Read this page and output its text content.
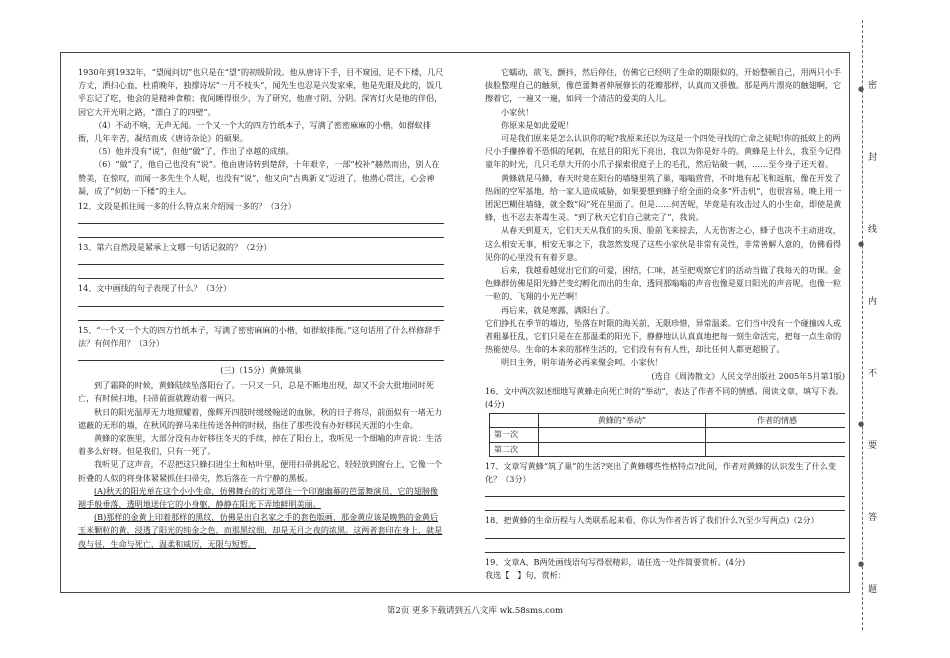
1930年到1932年，“望闻问切”也只是在“望”的初级阶段。他从唐诗下手，目不窥园，足不下楼，几尺方丈，洒扫心血，杜甫晚年，独撑诗坛“一月不枝头”，闻先生也忍是兴发家乘，他是先眼及此的，饭几乎忘记了吃，他会的是精神食粮；夜间睡得很少，为了研究，他唐寸阴、分阴。深宵灯火是他的伴侣，因它大开光明之路，“漂白了的四壁”。

（4）不动不响，无声无闻。一个又一个大的四方竹纸本子，写满了密密麻麻的小楷，如群蚁排衙，几年辛苦，凝结而成《唐诗杂论》的硕果。

（5）他并没有“说”，但他“做”了，作出了卓越的成绩。

（6）“做”了，他自己也没有“说”。他由唐诗转到楚辞，十年艰辛，一部“校补”赫然而出，别人在赞美，在惊叹，而闻一多先生个人呢，也没有“说”，他又向“古典新义”迈进了，他潜心贯注，心会神凝，成了“何妨一下楼”的主人。

12、文段是抓住闻一多的什么特点来介绍闻一多的？（3分）

13、第六自然段是紧承上文哪一句话记叙的？（2分）

14、文中画线的句子表现了什么？（3分）

15、“一个又一个大的四方竹纸本子，写满了密密麻麻的小楷，如群蚁排衙。”这句话用了什么样修辞手法？有何作用？（3分）

(三)（15分）黄蜂筑巢

到了霜降的时候，黄蜂陆续坠落阳台了。一只又一只，总是不断地出现，却又不会大批地同时死亡，有时候扫地，扫帚前面就蹚动着一两只。

秋日的阳光温厚无力地照耀着，像辉开四肢时缓缓翰送的血脉，秋的日子将尽，前面似有一堵无力遮蔽的无形的墙，在秋风的弹马来往传送各种的时候，指住了那些没有办好移民天涯的小生命。

黄蜂的家族里，大部分没有办好移往冬天的手续，掉在了阳台上，我听见一个细喻的声音说：生活着多么好呀。但是我们，只有一死了。

我听见了这声音，不忍把这只蜂扫进尘土和枯叶里，便用扫帚挑起它，轻轻放到窗台上，它像一个折叠的人似的将身体紧紧抓住扫帚尖，然后落在一片宁静的黑板。

(A)秋天的阳光单在这个小小生命，仿佛舞台的灯光罩住一个印谢幽幕的芭蕾舞演员，它的翅膀像褪手般垂落，透明地送住它的小身躯，静静在阳光下弄地鲜明美丽。

(B)那样的金黄上印着那样的黑纹，仿佛是出自名家之手的套色版画，那金黄应该是晚熟的金黄后玉米颗粒的黄，浸透了阳光的纯金之色，而那黑纹细，却是无月之夜的浓黑。这两者套印在身上，就是夜与昼，生命与死亡，温柔和威厉，无限与短暂。

它蠕动，欲飞，颤抖，然后停住，仿佛它已经明了生命的期限似的，开始整顿自己，用两只小手拔脸整理自己的触须，像芭蕾舞者伸展修长的花瓣那样，认真而又骄傲。那是两片漂亮的触翅啊，它擦着它，一遍又一遍，如同一个清洁的爱美的人儿。

小家伙！

你原来是如此爱呢！

可是我们原来是怎么认识你的呢?我原来还以为这是一个四处寻找的亡命之徒呢!你的抵蚊上的两尺小手攥捧着不恐惧的尾刺，在炫目的阳光下亮出，我以为你是好斗的。黄蜂是上什么，我至今记得童年的时光，几只毛草大开的小爪子探索很庭子上的毛孔，然后钻破一刺，……至今身子还天着。

黄蜂就是马蜂，春天时竟在阳台的墙缝里筑了巢，嗡嗡营营，不时地有起飞和返航，像在开发了热闹的空军基地，给一家人造成威胁，如果要想到蜂子给全面的众多“歼击机”，也很容易，晚上用一团泥巴糊住墙缝，就全数“闷”死在里面了。但是……何苦呢，毕竟是有攻击过人的小生命，即使是黄蜂，也不忍去茶毒生灵。“到了秋天它们自己就完了”，我说。

从春天到夏天，它们天天从我们的头顶、脸前飞来掠去，人无伤害之心，蜂子也决不主动进攻，这么相安无事，相安无事之下，我忽然发现了这些小家伙是非常有灵性，非常善解人意的，仿佛看得见你的心里没有有着歹意。

后来，我越看越觉出它们的可爱，困结，仁味，甚至把观察它们的活动当做了我每天的功课。金色蜂群仿佛是阳光蜂芒变幻孵化而出的生命，透同那嗡嗡的声音也像是夏日阳光的声音呢，也像一粒一粒的、飞翔的小光芒啊！

再后来，就是寒露，满阳台了。

它们挣扎在季节的墙边，坠落在时限的海关前，无限珍惜，异常温柔。它们当中没有一个碰撞凶人或者粗暴狂乱，它们只是在在那温柔的阳光下，静静地认认真真地把每一刻生命活完，把每一点生命的热能使尽。生命的本来的那样生活的，它们没有有有人性，却比任何人都更超脱了。

明日主务，明年请务必再来聚会呵。小家伙！

(选自《周涛散文》人民文学出版社 2005年5月第1版)

16、文中两次叙述细地写黄蜂走向死亡时的“举动”，表达了作者不同的情感。阅读文章，填写下表。(4分)

	黄蜂的“举动”	作者的情感
第一次		
第二次		

17、文章写黄蜂“筑了巢”的生活?突出了黄蜂哪些性格特点?此间，作者对黄蜂的认识发生了什么变化？（3分）

18、把黄蜂的生命历程与人类联系起来看，你认为作者告诉了我们什么?(至少写两点)（2分）

19、文章A、B两处画线语句写得很精彩，请任选一处作简要赏析。(4分)

我选【　】句，赏析：

第2页 更多下载请到五八文库 wk.58sms.com
●
●
●
●
密
封
线
内
不
要
答
题
